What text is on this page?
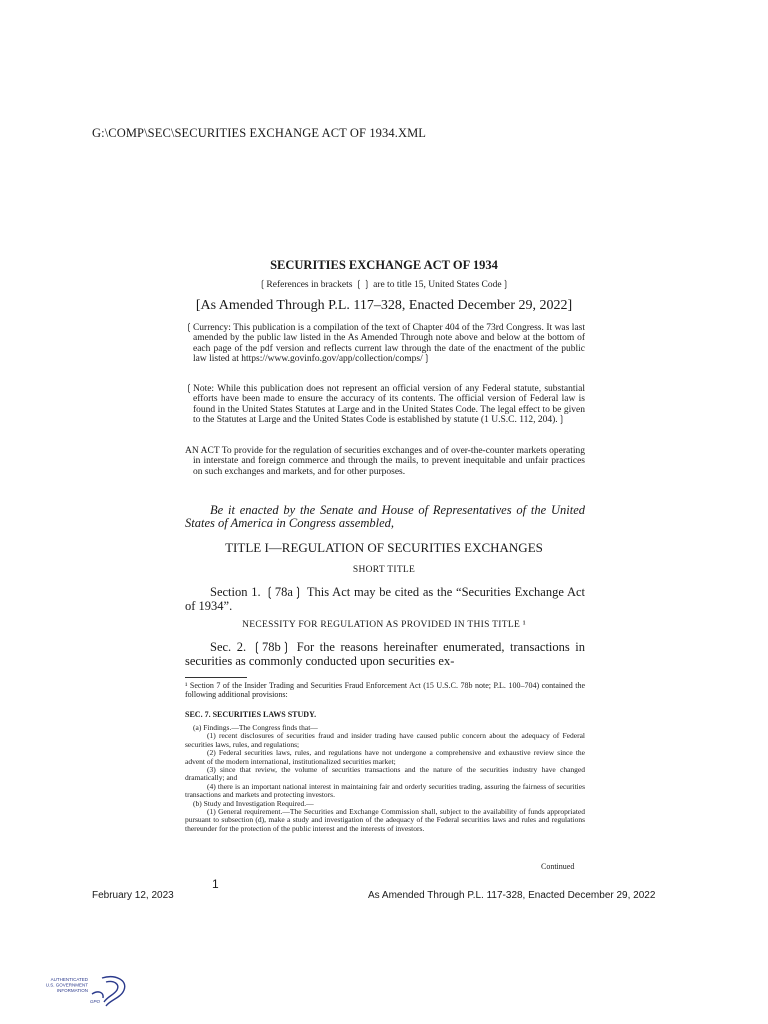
G:\COMP\SEC\SECURITIES EXCHANGE ACT OF 1934.XML
SECURITIES EXCHANGE ACT OF 1934
❲References in brackets ❲❳ are to title 15, United States Code❳
[As Amended Through P.L. 117–328, Enacted December 29, 2022]
❲Currency: This publication is a compilation of the text of Chapter 404 of the 73rd Congress. It was last amended by the public law listed in the As Amended Through note above and below at the bottom of each page of the pdf version and reflects current law through the date of the enactment of the public law listed at https://www.govinfo.gov/app/collection/comps/❳
❲Note: While this publication does not represent an official version of any Federal statute, substantial efforts have been made to ensure the accuracy of its contents. The official version of Federal law is found in the United States Statutes at Large and in the United States Code. The legal effect to be given to the Statutes at Large and the United States Code is established by statute (1 U.S.C. 112, 204).❳
AN ACT To provide for the regulation of securities exchanges and of over-the-counter markets operating in interstate and foreign commerce and through the mails, to prevent inequitable and unfair practices on such exchanges and markets, and for other purposes.
Be it enacted by the Senate and House of Representatives of the United States of America in Congress assembled,
TITLE I—REGULATION OF SECURITIES EXCHANGES
SHORT TITLE
Section 1. ❲78a❳ This Act may be cited as the “Securities Exchange Act of 1934”.
NECESSITY FOR REGULATION AS PROVIDED IN THIS TITLE ¹
Sec. 2. ❲78b❳ For the reasons hereinafter enumerated, transactions in securities as commonly conducted upon securities ex-
¹ Section 7 of the Insider Trading and Securities Fraud Enforcement Act (15 U.S.C. 78b note; P.L. 100–704) contained the following additional provisions:
SEC. 7. SECURITIES LAWS STUDY.

(a) Findings.—The Congress finds that—

(1) recent disclosures of securities fraud and insider trading have caused public concern about the adequacy of Federal securities laws, rules, and regulations;

(2) Federal securities laws, rules, and regulations have not undergone a comprehensive and exhaustive review since the advent of the modern international, institutionalized securities market;

(3) since that review, the volume of securities transactions and the nature of the securities industry have changed dramatically; and

(4) there is an important national interest in maintaining fair and orderly securities trading, assuring the fairness of securities transactions and markets and protecting investors.

(b) Study and Investigation Required.—

(1) General requirement.—The Securities and Exchange Commission shall, subject to the availability of funds appropriated pursuant to subsection (d), make a study and investigation of the adequacy of the Federal securities laws and rules and regulations thereunder for the protection of the public interest and the interests of investors.

Continued
1
February 12, 2023	As Amended Through P.L. 117-328, Enacted December 29, 2022
AUTHENTICATED
U.S. GOVERNMENT
INFORMATION
GPO
